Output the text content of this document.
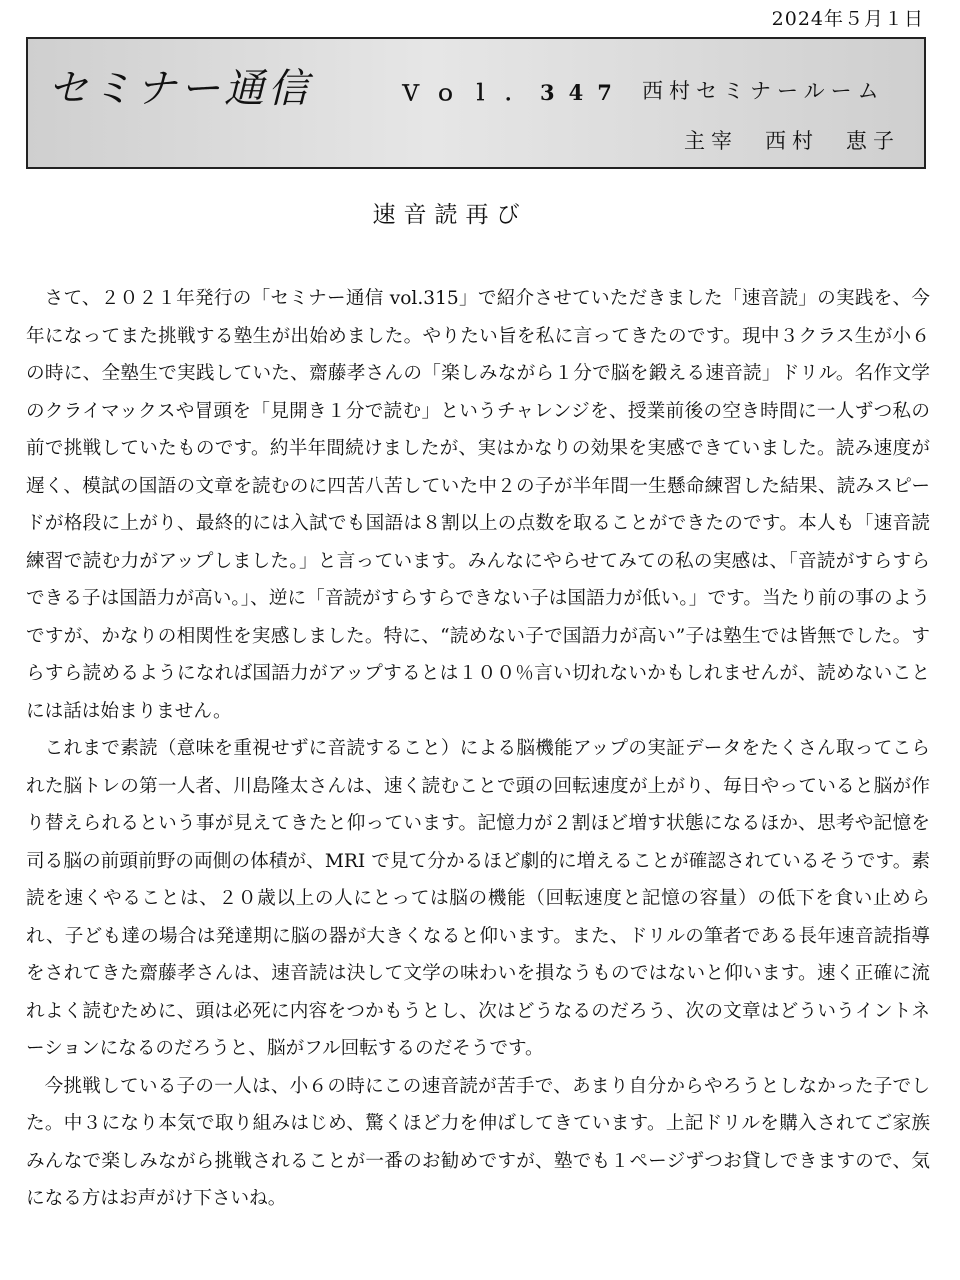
2024年５月１日
セミナー通信	Ｖｏｌ．347 西村セミナールーム
主宰　西村　恵子
速音読再び

さて、２０２１年発行の「セミナー通信 vol.315」で紹介させていただきました「速音読」の実践を、今年になってまた挑戦する塾生が出始めました。やりたい旨を私に言ってきたのです。現中３クラス生が小６の時に、全塾生で実践していた、齋藤孝さんの「楽しみながら１分で脳を鍛える速音読」ドリル。名作文学のクライマックスや冒頭を「見開き１分で読む」というチャレンジを、授業前後の空き時間に一人ずつ私の前で挑戦していたものです。約半年間続けましたが、実はかなりの効果を実感できていました。読み速度が遅く、模試の国語の文章を読むのに四苦八苦していた中２の子が半年間一生懸命練習した結果、読みスピードが格段に上がり、最終的には入試でも国語は８割以上の点数を取ることができたのです。本人も「速音読練習で読む力がアップしました。」と言っています。みんなにやらせてみての私の実感は、「音読がすらすらできる子は国語力が高い。」、逆に「音読がすらすらできない子は国語力が低い。」です。当たり前の事のようですが、かなりの相関性を実感しました。特に、“読めない子で国語力が高い”子は塾生では皆無でした。すらすら読めるようになれば国語力がアップするとは１００％言い切れないかもしれませんが、読めないことには話は始まりません。

これまで素読（意味を重視せずに音読すること）による脳機能アップの実証データをたくさん取ってこられた脳トレの第一人者、川島隆太さんは、速く読むことで頭の回転速度が上がり、毎日やっていると脳が作り替えられるという事が見えてきたと仰っています。記憶力が２割ほど増す状態になるほか、思考や記憶を司る脳の前頭前野の両側の体積が、MRI で見て分かるほど劇的に増えることが確認されているそうです。素読を速くやることは、２０歳以上の人にとっては脳の機能（回転速度と記憶の容量）の低下を食い止められ、子ども達の場合は発達期に脳の器が大きくなると仰います。また、ドリルの筆者である長年速音読指導をされてきた齋藤孝さんは、速音読は決して文学の味わいを損なうものではないと仰います。速く正確に流れよく読むために、頭は必死に内容をつかもうとし、次はどうなるのだろう、次の文章はどういうイントネーションになるのだろうと、脳がフル回転するのだそうです。

今挑戦している子の一人は、小６の時にこの速音読が苦手で、あまり自分からやろうとしなかった子でした。中３になり本気で取り組みはじめ、驚くほど力を伸ばしてきています。上記ドリルを購入されてご家族みんなで楽しみながら挑戦されることが一番のお勧めですが、塾でも１ページずつお貸しできますので、気になる方はお声がけ下さいね。
